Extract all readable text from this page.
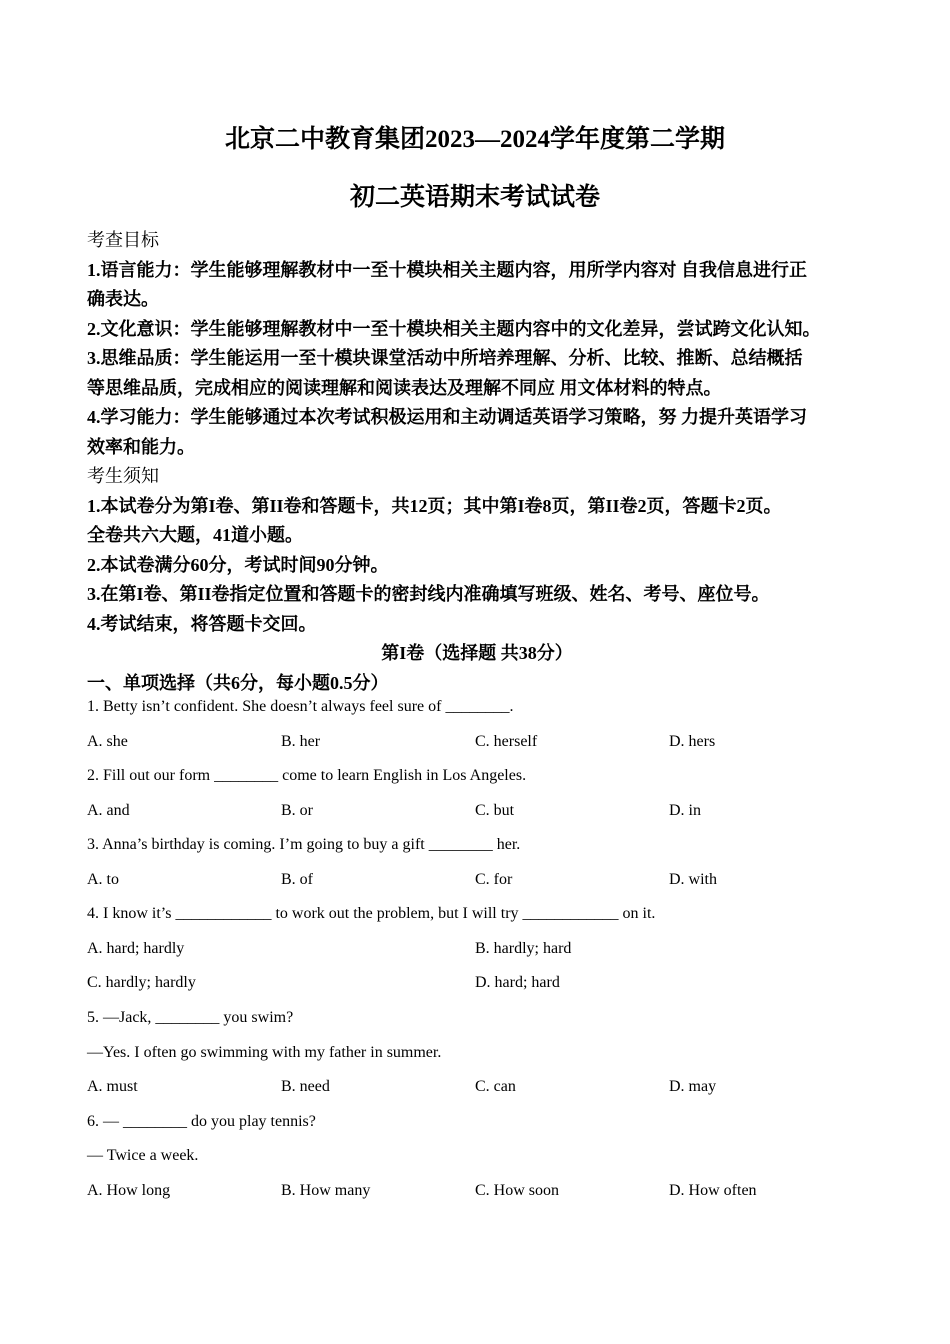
北京二中教育集团2023—2024学年度第二学期
初二英语期末考试试卷
考查目标
1.语言能力：学生能够理解教材中一至十模块相关主题内容，用所学内容对 自我信息进行正
确表达。
2.文化意识：学生能够理解教材中一至十模块相关主题内容中的文化差异，尝试跨文化认知。
3.思维品质：学生能运用一至十模块课堂活动中所培养理解、分析、比较、推断、总结概括
等思维品质，完成相应的阅读理解和阅读表达及理解不同应 用文体材料的特点。
4.学习能力：学生能够通过本次考试积极运用和主动调适英语学习策略，努 力提升英语学习
效率和能力。
考生须知
1.本试卷分为第I卷、第II卷和答题卡，共12页；其中第I卷8页，第II卷2页，答题卡2页。
全卷共六大题，41道小题。
2.本试卷满分60分，考试时间90分钟。
3.在第I卷、第II卷指定位置和答题卡的密封线内准确填写班级、姓名、考号、座位号。
4.考试结束，将答题卡交回。
第I卷（选择题 共38分）
一、单项选择（共6分，每小题0.5分）
1. Betty isn’t confident. She doesn’t always feel sure of ________.
A. she	B. her	C. herself	D. hers
2. Fill out our form ________ come to learn English in Los Angeles.
A. and	B. or	C. but	D. in
3. Anna’s birthday is coming. I’m going to buy a gift ________ her.
A. to	B. of	C. for	D. with
4. I know it’s ____________ to work out the problem, but I will try ____________ on it.
A. hard; hardly	B. hardly; hard
C. hardly; hardly	D. hard; hard
5. —Jack, ________ you swim?
—Yes. I often go swimming with my father in summer.
A. must	B. need	C. can	D. may
6. — ________ do you play tennis?
— Twice a week.
A. How long	B. How many	C. How soon	D. How often
